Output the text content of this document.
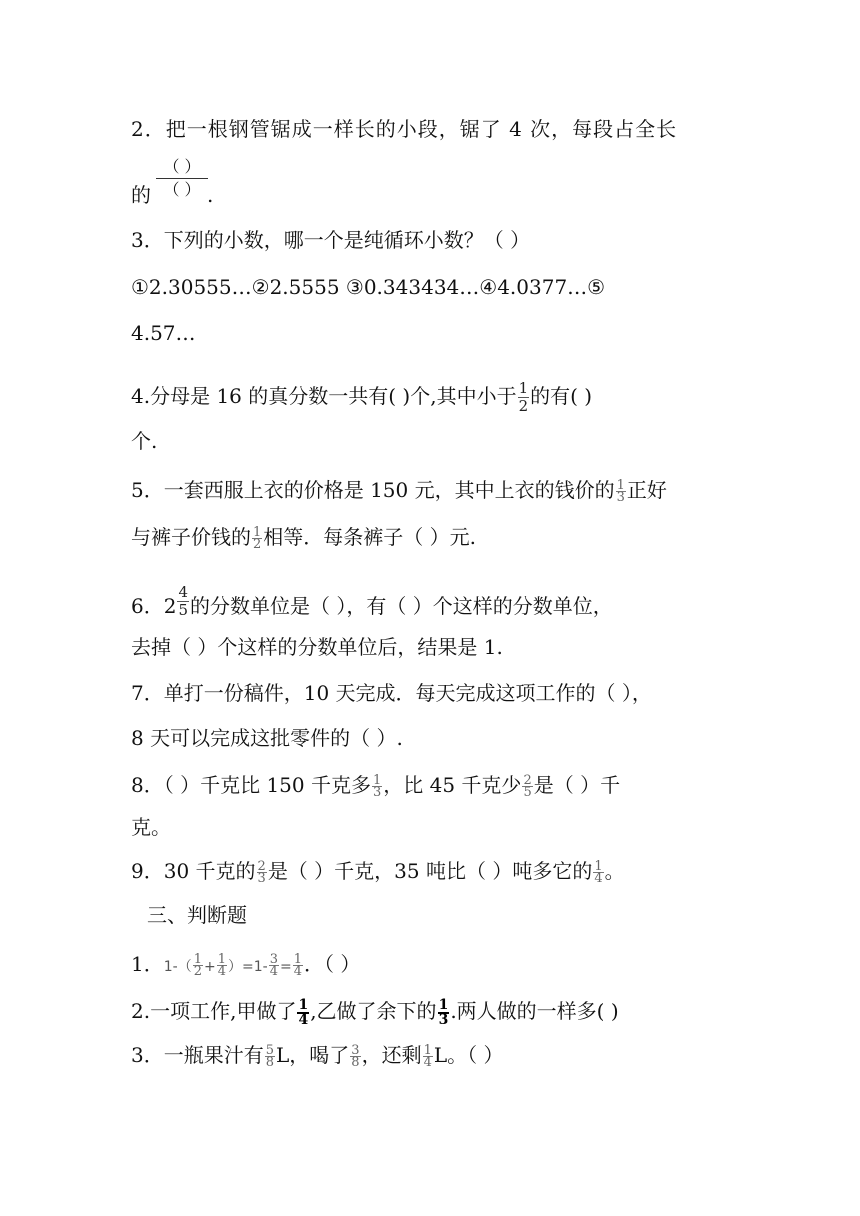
2．把一根钢管锯成一样长的小段，锯了 4 次，每段占全长
（ ）
（ ）
的	.
3．下列的小数，哪一个是纯循环小数？（ ）
①2.30555…②2.5555 ③0.343434…④4.0377…⑤
4.57…
4.分母是 16 的真分数一共有( )个,其中小于 $\frac{1}{2}$ 的有( )
个.
5．一套西服上衣的价格是 150 元，其中上衣的钱价的 $\frac{1}{3}$ 正好
与裤子价钱的 $\frac{1}{2}$ 相等．每条裤子（ ）元.
6．$2 \frac{4}{5}$ 的分数单位是（ ），有（ ）个这样的分数单位，
去掉（ ）个这样的分数单位后，结果是 1.
7．单打一份稿件，10 天完成．每天完成这项工作的（ ），
8 天可以完成这批零件的（ ）.
8．（ ）千克比 150 千克多 $\frac{1}{3}$ ，比 45 千克少 $\frac{2}{5}$ 是（ ）千
克。
9．30 千克的 $\frac{2}{3}$ 是（ ）千克，35 吨比（ ）吨多它的 $\frac{1}{4}$ 。
三、判断题
1．$1-( \frac{1}{2} + \frac{1}{4} )=1- \frac{3}{4} = \frac{1}{4}$ ．（ ）
2.一项工作,甲做了 $\frac{1}{4}$ ,乙做了余下的 $\frac{1}{3}$ .两人做的一样多( )
3．一瓶果汁有 $\frac{5}{8}$ L，喝了 $\frac{3}{8}$ ，还剩 $\frac{1}{4}$ L。（ ）
